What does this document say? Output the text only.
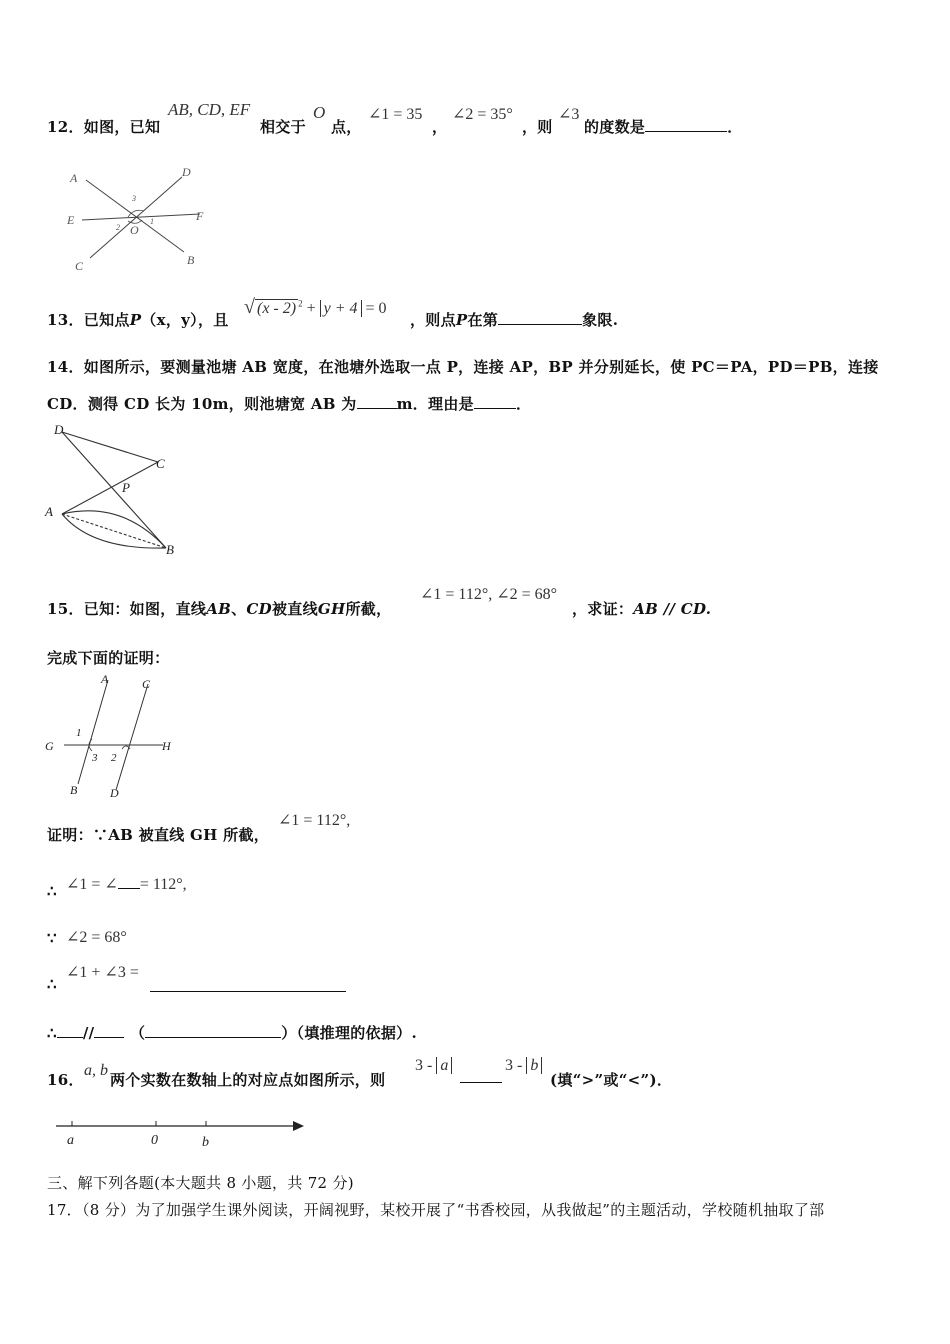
12．如图，已知
AB, CD, EF
相交于
O
点，
∠1 = 35
，
∠2 = 35°
，则
∠3
的度数是	．
A	D
E	F
C	B
O
3
2
1
13．已知点P（x，y），且
√ (x - 2) $^2$ + y + 4 = 0
，则点P在第	象限.
14．如图所示，要测量池塘 AB 宽度，在池塘外选取一点 P，连接 AP，BP 并分别延长，使 PC＝PA，PD＝PB，连接
CD．测得 CD 长为 10m，则池塘宽 AB 为	m．理由是	．
D
C
P
A
B
15．已知：如图，直线AB、CD被直线GH所截，
∠1 = 112°, ∠2 = 68°
，求证：AB // CD.
完成下面的证明：
A	C
G	H
B	D
1
3 2
证明：∵AB 被直线 GH 所截，
∠1 = 112°,
∴ ∠1 = ∠ = 112°,
∵ ∠2 = 68°
∴
∠1 + ∠3 =
∴ // （	）（填推理的依据）.
16．
a, b
两个实数在数轴上的对应点如图所示，则
3 - a	3 - b
(填“>”或“<”)．
a	0	b
三、解下列各题(本大题共 8 小题，共 72 分)
17．（8 分）为了加强学生课外阅读，开阔视野，某校开展了“书香校园，从我做起”的主题活动，学校随机抽取了部
